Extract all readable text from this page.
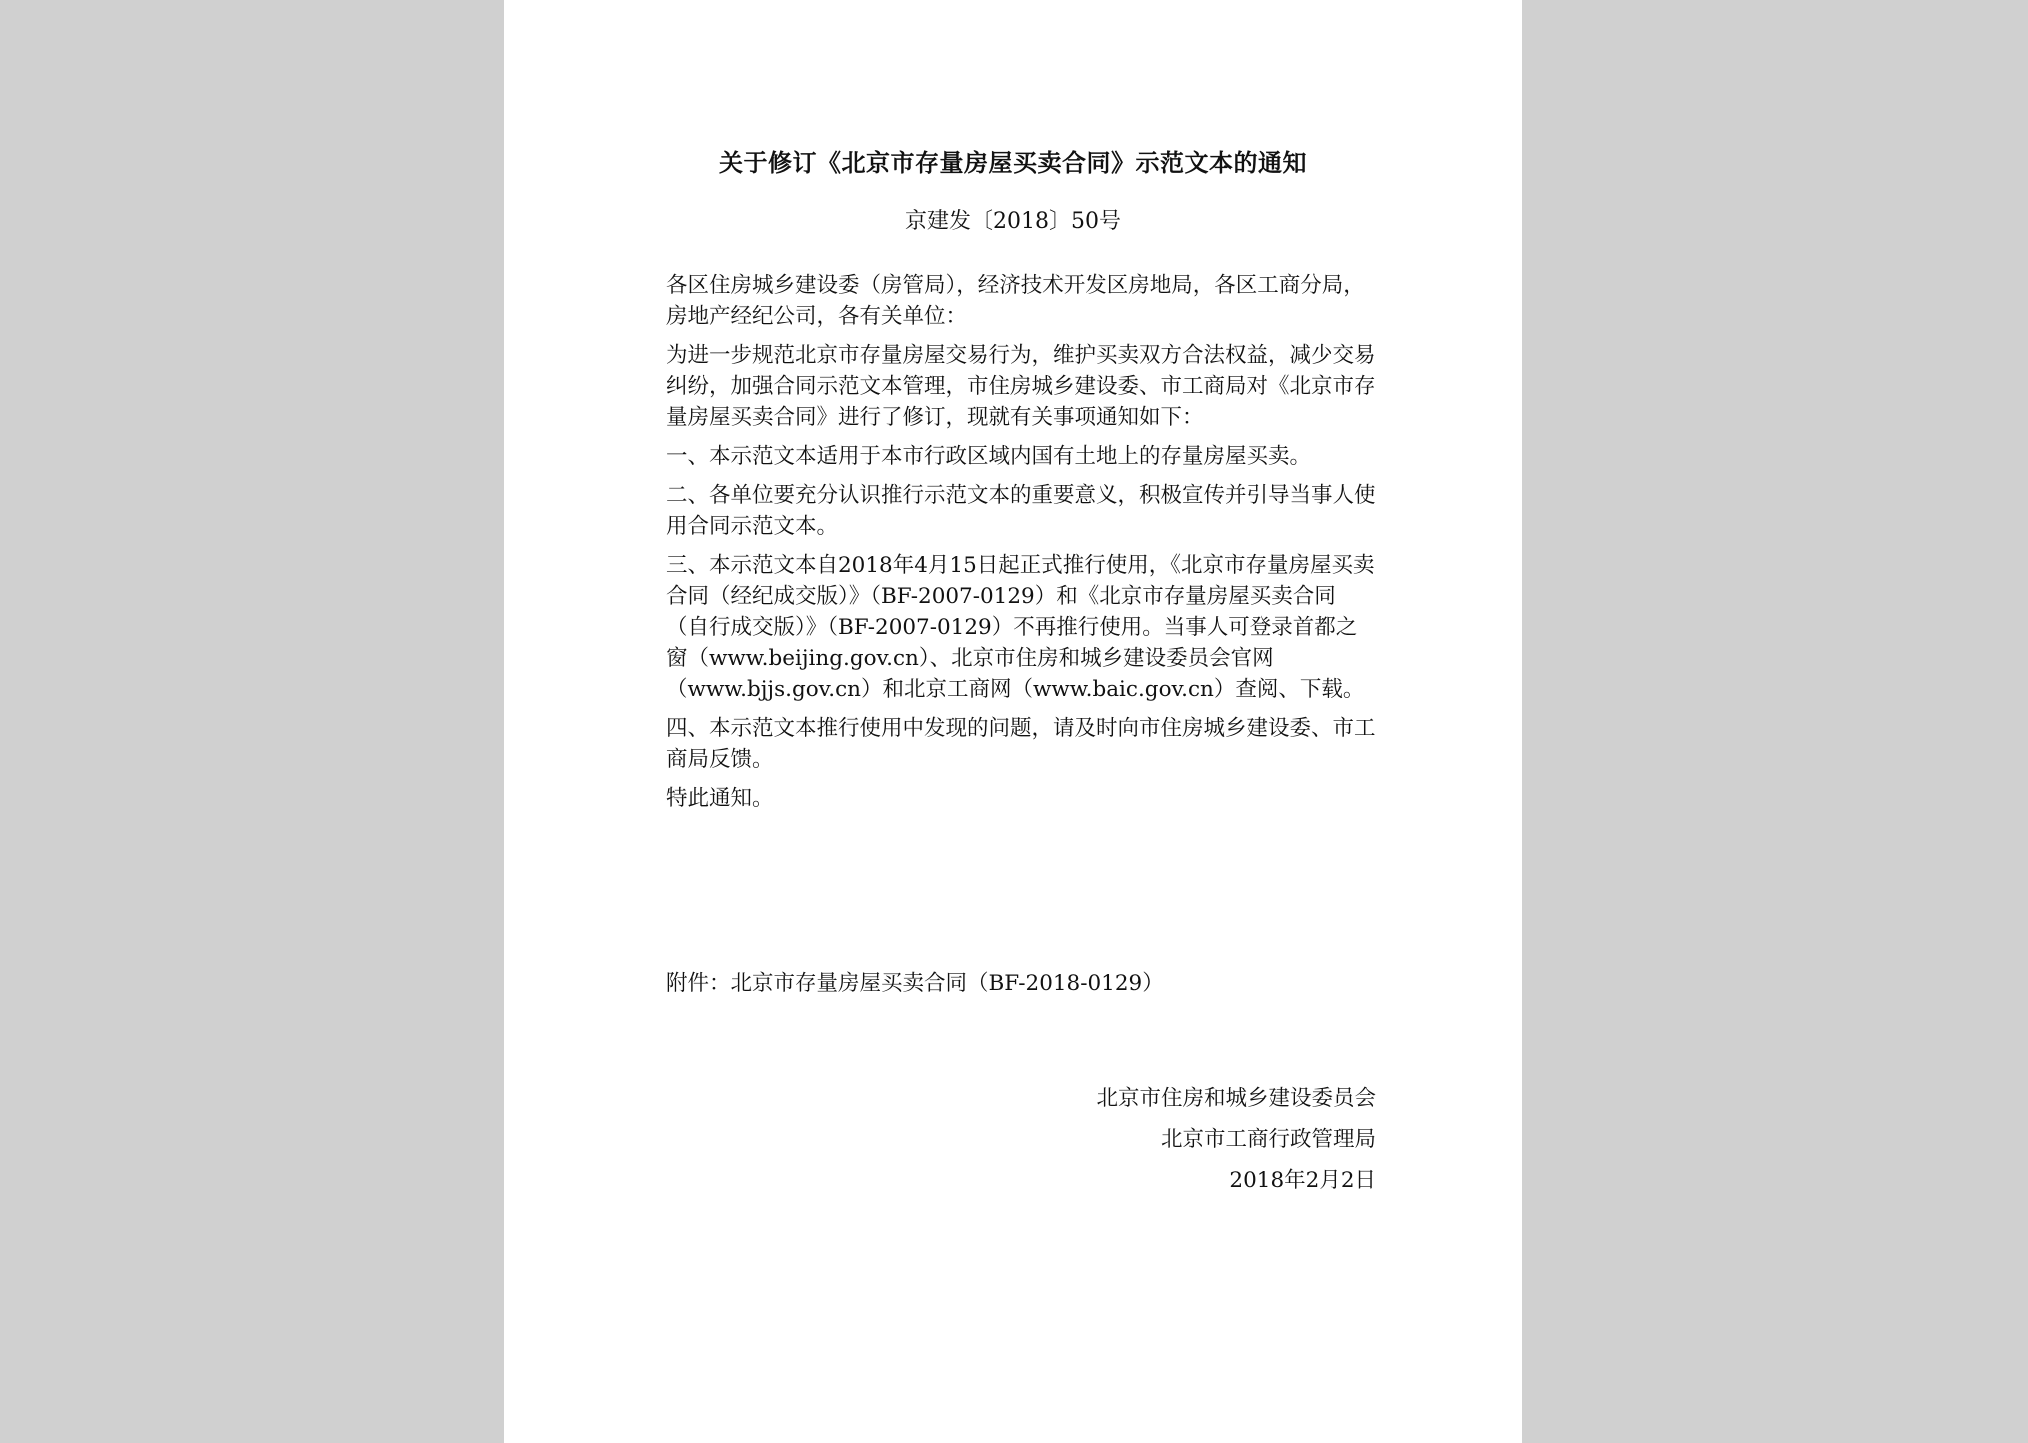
关于修订《北京市存量房屋买卖合同》示范文本的通知
京建发〔2018〕50号

各区住房城乡建设委（房管局），经济技术开发区房地局，各区工商分局，房地产经纪公司，各有关单位：

为进一步规范北京市存量房屋交易行为，维护买卖双方合法权益，减少交易纠纷，加强合同示范文本管理，市住房城乡建设委、市工商局对《北京市存量房屋买卖合同》进行了修订，现就有关事项通知如下：

一、本示范文本适用于本市行政区域内国有土地上的存量房屋买卖。

二、各单位要充分认识推行示范文本的重要意义，积极宣传并引导当事人使用合同示范文本。

三、本示范文本自2018年4月15日起正式推行使用，《北京市存量房屋买卖合同（经纪成交版）》（BF-2007-0129）和《北京市存量房屋买卖合同（自行成交版）》（BF-2007-0129）不再推行使用。当事人可登录首都之窗（www.beijing.gov.cn）、北京市住房和城乡建设委员会官网（www.bjjs.gov.cn）和北京工商网（www.baic.gov.cn）查阅、下载。

四、本示范文本推行使用中发现的问题，请及时向市住房城乡建设委、市工商局反馈。

特此通知。

附件：北京市存量房屋买卖合同（BF-2018-0129）
北京市住房和城乡建设委员会
北京市工商行政管理局
2018年2月2日
